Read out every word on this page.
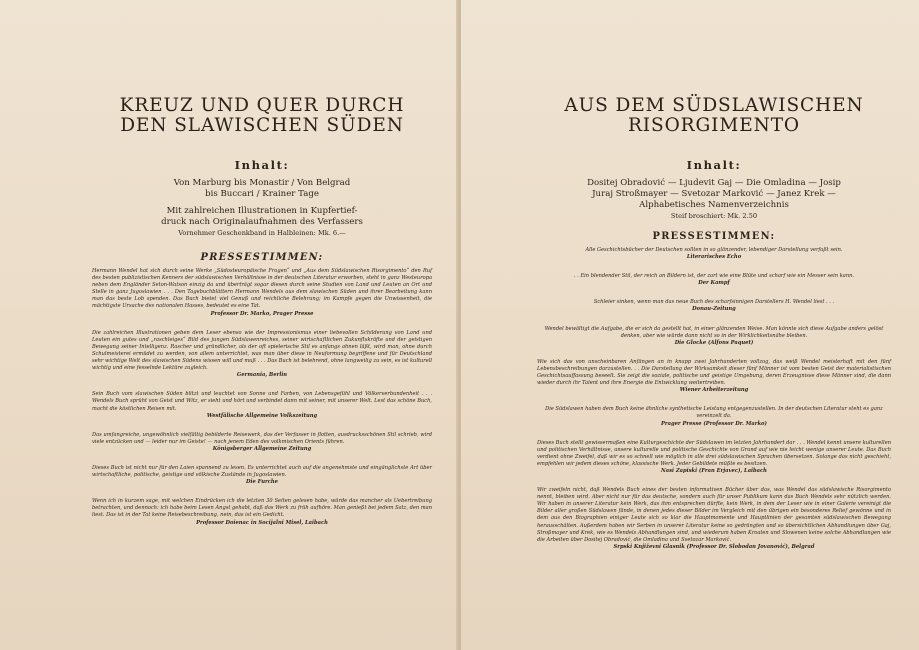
KREUZ UND QUER DURCH
DEN SLAWISCHEN SÜDEN
Inhalt:

Von Marburg bis Monastir / Von Belgrad
bis Buccari / Krainer Tage
Mit zahlreichen Illustrationen in Kupfertief-
druck nach Originalaufnahmen des Verfassers
Vornehmer Geschenkband in Halbleinen: Mk. 6.—

PRESSESTIMMEN:

Hermann Wendel hat sich durch seine Werke „Südosteuropäische Fragen“ und „Aus dem Südslawischen Risorgimento“ den Ruf des besten publizistischen Kenners der südslawischen Verhältnisse in der deutschen Literatur erworben, steht in ganz Westeuropa neben dem Engländer Seton-Watson einzig da und überträgt sogar diesen durch seine Studien von Land und Leuten an Ort und Stelle in ganz Jugoslawien . . . Den Tagebuchblättern Hermann Wendels aus dem slawischen Süden und ihrer Bearbeitung kann man das beste Lob spenden. Das Buch bietet viel Genuß und reichliche Belehrung; im Kampfe gegen die Unwissenheit, die mächtigste Ursache des nationalen Hasses, bedeutet es eine Tat.
Professor Dr. Marko, Prager Presse

Die zahlreichen Illustrationen geben dem Leser ebenso wie der Impressionismus einer liebevollen Schilderung von Land und Leuten ein gutes und „raschleiges“ Bild des jungen Südslawenreiches, seiner wirtschaftlichen Zukunftskräfte und der geistigen Bewegung seiner Intelligenz. Rascher und gründlicher, als der oft spielerische Stil es anfangs ahnen läßt, wird man, ohne durch Schulmeisterei ermüdet zu werden, von allem unterrichtet, was man über diese in Neuformung begriffene und für Deutschland sehr wichtige Welt des slawischen Südens wissen will und muß . . . Das Buch ist belehrend, ohne langweilig zu sein, es ist kulturell wichtig und eine fesselnde Lektüre zugleich.
Germania, Berlin

Sein Buch vom slawischen Süden blitzt und leuchtet von Sonne und Farben, von Lebensgefühl und Völkerverbundenheit . . . Wendels Buch sprüht von Geist und Witz, er sieht und hört und verbindet dann mit seiner, mit unserer Welt. Lest das schöne Buch, macht die köstlichen Reisen mit.
Westfälische Allgemeine Volkszeitung

Das umfangreiche, ungewöhnlich vielfältig bebilderte Reisewerk, das der Verfasser in flotten, ausdrucksschönen Stil schrieb, wird viele entzücken und — leider nur im Geiste! — nach jenem Eden des volkmischen Orients führen.
Königsberger Allgemeine Zeitung

Dieses Buch ist nicht nur für den Laien spannend zu lesen. Es unterrichtet auch auf die angenehmste und eingänglichste Art über wirtschaftliche, politische, geistige und völkische Zustände in Jugoslawien.
Die Furche

Wenn ich in kurzem sage, mit welchen Eindrücken ich die letzten 30 Seiten gelesen habe, würde das mancher als Uebertreibung betrachten, und dennoch: ich habe beim Lesen Angst gehabt, daß das Werk zu früh aufhöre. Man genießt bei jedem Satz, den man liest. Das ist in der Tat keine Reisebeschreibung, nein, das ist ein Gedicht.
Professor Doienac in Socijalni Misel, Laibach

AUS DEM SÜDSLAWISCHEN
RISORGIMENTO
Inhalt:

Dositej Obradović — Ljudevit Gaj — Die Omladina — Josip
Juraj Stroßmayer — Svetozar Marković — Janez Krek —
Alphabetisches Namenverzeichnis
Steif broschiert: Mk. 2.50

PRESSESTIMMEN:

Alle Geschichtsbücher der Deutschen sollten in so glänzender, lebendiger Darstellung verfaßt sein.
Literarisches Echo

. . Ein blendender Stil, der reich an Bildern ist, der zart wie eine Blüte und scharf wie ein Messer sein kann.
Der Kampf

Schleier sinken, wenn man das neue Buch des scharfsinnigen Darstellers H. Wendel liest . . .
Donau-Zeitung

Wendel bewältigt die Aufgabe, die er sich da gestellt hat, in einer glänzenden Weise. Man könnte sich diese Aufgabe anders gelöst denken, aber wie würde dann nicht so in der Wirklichkeitsnähe bleiben.
Die Glocke (Alfons Paquet)

Wie sich das von unscheinbaren Anfängen an in knapp zwei Jahrhunderten vollzog, das weiß Wendel meisterhaft mit den fünf Lebensbeschreibungen darzustellen. . . Die Darstellung der Wirksamkeit dieser fünf Männer ist vom besten Geist der materialistischen Geschichtsauffassung beseelt. Sie zeigt die soziale, politische und geistige Umgebung, deren Erzeugnisse diese Männer sind, die dann wieder durch ihr Talent und ihre Energie die Entwicklung weitertreiben.
Wiener Arbeiterzeitung

Die Südslawen haben dem Buch keine ähnliche synthetische Leistung entgegenzustellen. In der deutschen Literatur steht es ganz vereinzelt da.
Prager Presse (Professor Dr. Marko)

Dieses Buch stellt gewissermaßen eine Kulturgeschichte der Südslawen im letzten Jahrhundert dar . . . Wendel kennt unsere kulturellen und politischen Verhältnisse, unsere kulturelle und politische Geschichte von Grund auf wie nie leicht wenige unserer Leute. Das Buch verdient ohne Zweifel, daß wir es so schnell wie möglich in alle drei südslawischen Sprachen übersetzen. Solange das nicht geschieht, empfehlen wir jedem dieses schöne, klassische Werk. Jeder Gebildete müßte es besitzen.
Nasi Zapiski (Fran Erjavec), Laibach

Wir zweifeln nicht, daß Wendels Buch eines der besten informativen Bücher über das, was Wendel das südslawische Risorgimento nennt, bleiben wird. Aber nicht nur für das deutsche, sondern auch für unser Publikum kann das Buch Wendels sehr nützlich werden. Wir haben in unserer Literatur kein Werk, das ihm entsprechen dürfte, kein Werk, in dem der Leser wie in einer Galerie vereinigt die Bilder aller großen Südslawen fände, in denen jedes dieser Bilder im Vergleich mit den übrigen ein besonderes Relief gewönne und in dem aus den Biographien einiger Leute sich so klar die Hauptmomente und Hauptlinien der gesamten südslawischen Bewegung herausschälten. Außerdem haben wir Serben in unserer Literatur keine so gedrängten und so übersichtlichen Abhandlungen über Gaj, Stroßmayer und Krek, wie es Wendels Abhandlungen sind, und wiederum haben Kroaten und Slowenen keine solche Abhandlungen wie die Arbeiten über Dositej Obradović, die Omladina und Svetozar Marković.
Srpski Književni Glasnik (Professor Dr. Slobodan Jovanović), Belgrad
